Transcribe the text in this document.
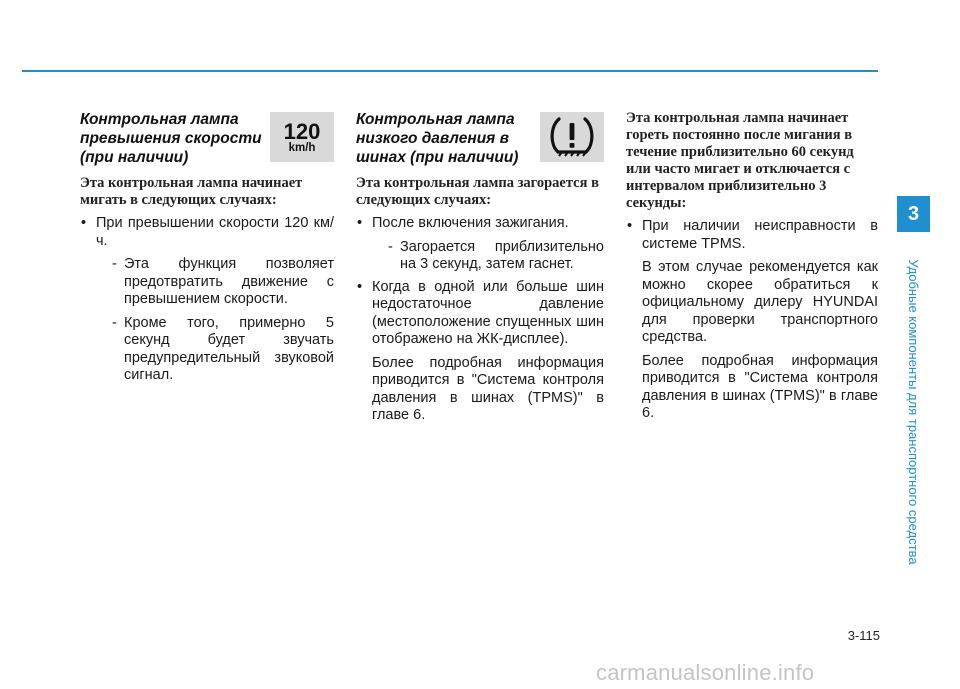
Контрольная лампа превышения скорости (при наличии)
120
km/h

Эта контрольная лампа начинает мигать в следующих случаях:

• При превышении скорости 120 км/ч.

- Эта функция позволяет предотвратить движение с превышением скорости.

- Кроме того, примерно 5 секунд будет звучать предупредительный звуковой сигнал.

Контрольная лампа низкого давления в шинах (при наличии)

Эта контрольная лампа загорается в следующих случаях:

• После включения зажигания.

- Загорается приблизительно на 3 секунд, затем гаснет.

• Когда в одной или больше шин недостаточное давление (местоположение спущенных шин отображено на ЖК-дисплее).

Более подробная информация приводится в "Система контроля давления в шинах (TPMS)" в главе 6.

Эта контрольная лампа начинает гореть постоянно после мигания в течение приблизительно 60 секунд или часто мигает и отключается с интервалом приблизительно 3 секунды:

• При наличии неисправности в системе TPMS.

В этом случае рекомендуется как можно скорее обратиться к официальному дилеру HYUNDAI для проверки транспортного средства.

Более подробная информация приводится в "Система контроля давления в шинах (TPMS)" в главе 6.

3
Удобные компоненты для транспортного средства
3-115
carmanualsonline.info
